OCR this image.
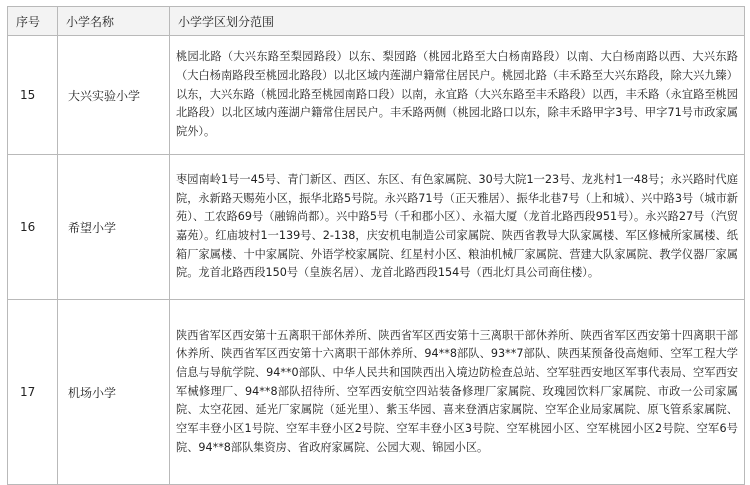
序号	小学名称	小学学区划分范围
15	大兴实验小学	桃园北路（大兴东路至梨园路段）以东、梨园路（桃园北路至大白杨南路段）以南、大白杨南路以西、大兴东路（大白杨南路段至桃园北路段）以北区域内莲湖户籍常住居民户。桃园北路（丰禾路至大兴东路段，除大兴九臻）以东，大兴东路（桃园北路至桃园南路口段）以南，永宜路（大兴东路至丰禾路段）以西，丰禾路（永宜路至桃园北路段）以北区域内莲湖户籍常住居民户。丰禾路两侧（桃园北路口以东，除丰禾路甲字3号、甲字71号市政家属院外）。
16	希望小学	枣园南岭1号一45号、青门新区、西区、东区、有色家属院、30号大院1一23号、龙兆村1一48号；永兴路时代庭院，永新路天赐苑小区，振华北路5号院。永兴路71号（正天雅居）、振华北巷7号（上和城）、兴中路3号（城市新苑）、工农路69号（融锦尚都）。兴中路5号（千和郡小区）、永福大厦（龙首北路西段951号）。永兴路27号（汽贸嘉苑）。红庙坡村1一139号、2-138，庆安机电制造公司家属院、陕西省教导大队家属楼、军区修械所家属楼、纸箱厂家属楼、十中家属院、外语学校家属院、红星村小区、粮油机械厂家属院、营建大队家属院、教学仪器厂家属院。龙首北路西段150号（皇族名居）、龙首北路西段154号（西北灯具公司商住楼）。
17	机场小学	陕西省军区西安第十五离职干部休养所、陕西省军区西安第十三离职干部休养所、陕西省军区西安第十四离职干部休养所、陕西省军区西安第十六离职干部休养所、94**8部队、93**7部队、陕西某预备役高炮师、空军工程大学信息与导航学院、94**0部队、中华人民共和国陕西出入境边防检查总站、空军驻西安地区军事代表局、空军西安军械修理厂、94**8部队招待所、空军西安航空四站装备修理厂家属院、玫瑰园饮料厂家属院、市政一公司家属院、太空花园、延光厂家属院（延光里）、紫玉华园、喜来登酒店家属院、空军企业局家属院、原飞管系家属院、空军丰登小区1号院、空军丰登小区2号院、空军丰登小区3号院、空军桃园小区、空军桃园小区2号院、空军6号院、94**8部队集资房、省政府家属院、公园大观、锦园小区。
